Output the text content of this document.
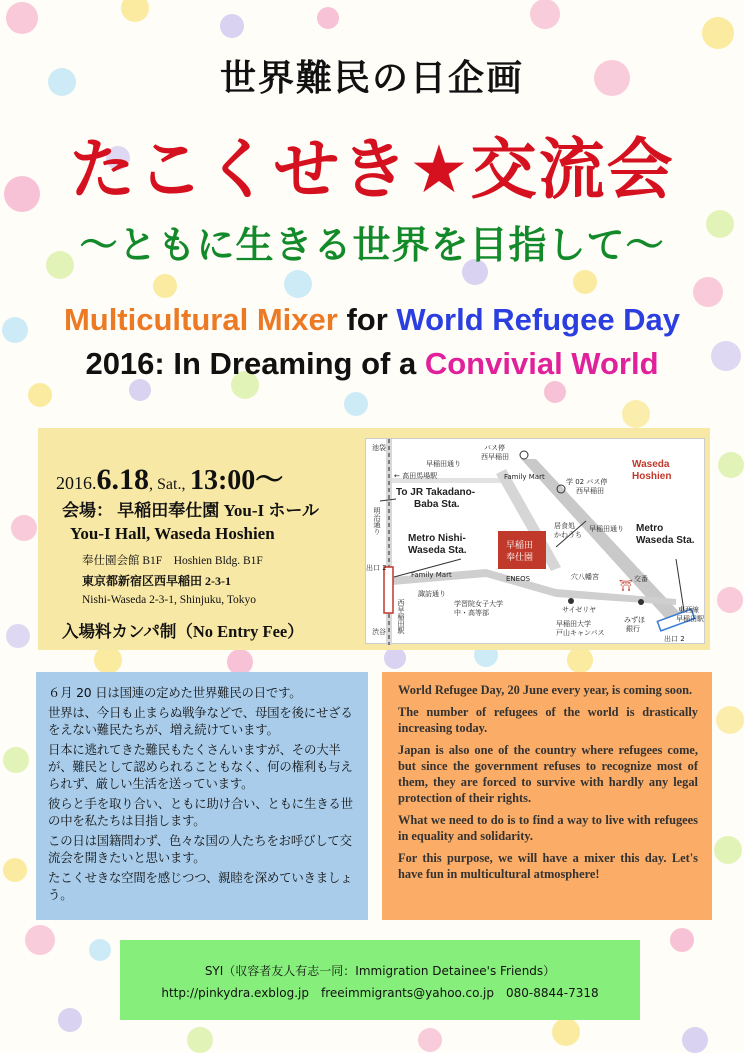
世界難民の日企画
たこくせき★交流会
～ともに生きる世界を目指して～
Multicultural Mixer for World Refugee Day
2016: In Dreaming of a Convivial World
2016.6.18, Sat., 13:00～
会場： 早稲田奉仕園 You-I ホール
You-I Hall, Waseda Hoshien
奉仕園会館 B1F　Hoshien Bldg. B1F
東京都新宿区西早稲田 2-3-1
Nishi-Waseda 2-3-1, Shinjuku, Tokyo
入場料カンパ制（No Entry Fee）
⛩
池袋
渋谷
← 高田馬場駅
To JR Takadano-
Baba Sta.
明治通り
早稲田通り
バス停
西早稲田
Family Mart
学 02 バス停
西早稲田
居食処
かわうち
早稲田通り
Waseda
Hoshien
早稲田
奉仕園
Metro Nishi-
Waseda Sta.
Metro
Waseda Sta.
諏訪通り
Family Mart	ENEOS	穴八幡宮	交番
学習院女子大学
中・高等部	サイゼリヤ
早稲田大学
戸山キャンパス
みずほ
銀行
出口 2
出口 2
東西線
早稲田駅
西早稲田駅

６月 20 日は国連の定めた世界難民の日です。

世界は、今日も止まらぬ戦争などで、母国を後にせざるをえない難民たちが、増え続けています。

日本に逃れてきた難民もたくさんいますが、その大半が、難民として認められることもなく、何の権利も与えられず、厳しい生活を送っています。

彼らと手を取り合い、ともに助け合い、ともに生きる世の中を私たちは目指します。

この日は国籍問わず、色々な国の人たちをお呼びして交流会を開きたいと思います。

たこくせきな空間を感じつつ、親睦を深めていきましょう。

World Refugee Day, 20 June every year, is coming soon.

The number of refugees of the world is drastically increasing today.

Japan is also one of the country where refugees come, but since the government refuses to recognize most of them, they are forced to survive with hardly any legal protection of their rights.

What we need to do is to find a way to live with refugees in equality and solidarity.

For this purpose, we will have a mixer this day. Let's have fun in multicultural atmosphere!

SYI（収容者友人有志一同：Immigration Detainee's Friends）
http://pinkydra.exblog.jp　freeimmigrants@yahoo.co.jp　080-8844-7318
